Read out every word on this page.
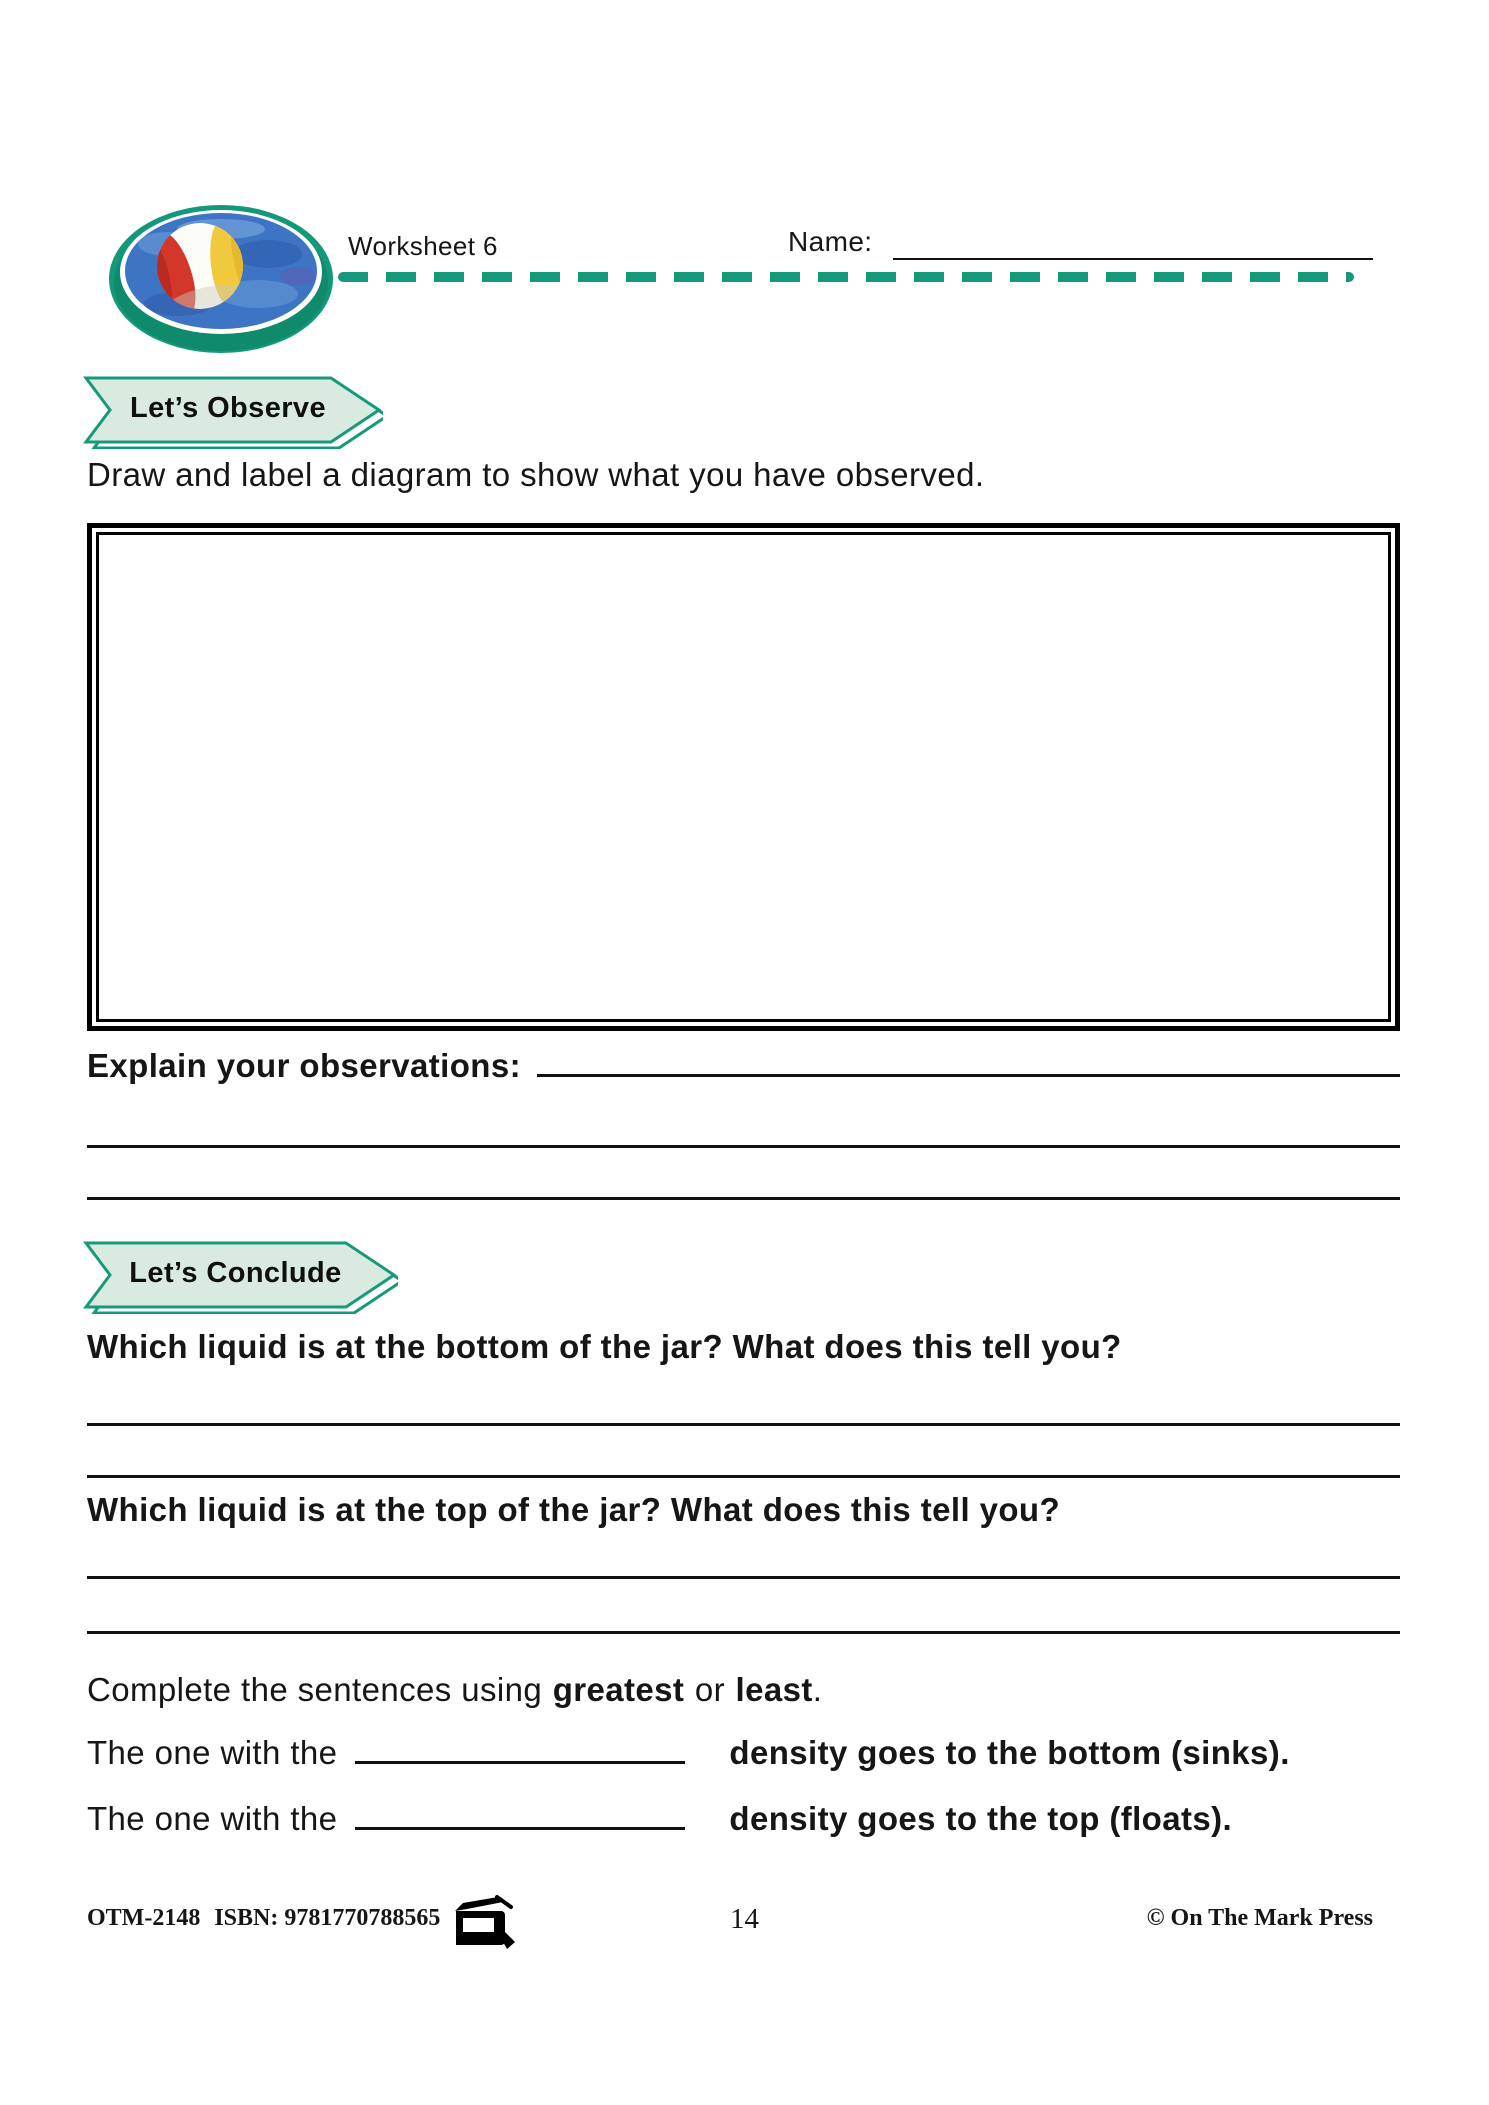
Worksheet 6	Name:
Let’s Observe
Draw and label a diagram to show what you have observed.
Explain your observations:
Let’s Conclude
Which liquid is at the bottom of the jar? What does this tell you?
Which liquid is at the top of the jar? What does this tell you?
Complete the sentences using greatest or least.
The one with the	density goes to the bottom (sinks).
The one with the	density goes to the top (floats).
OTM-2148 ISBN: 9781770788565	14	© On The Mark Press
